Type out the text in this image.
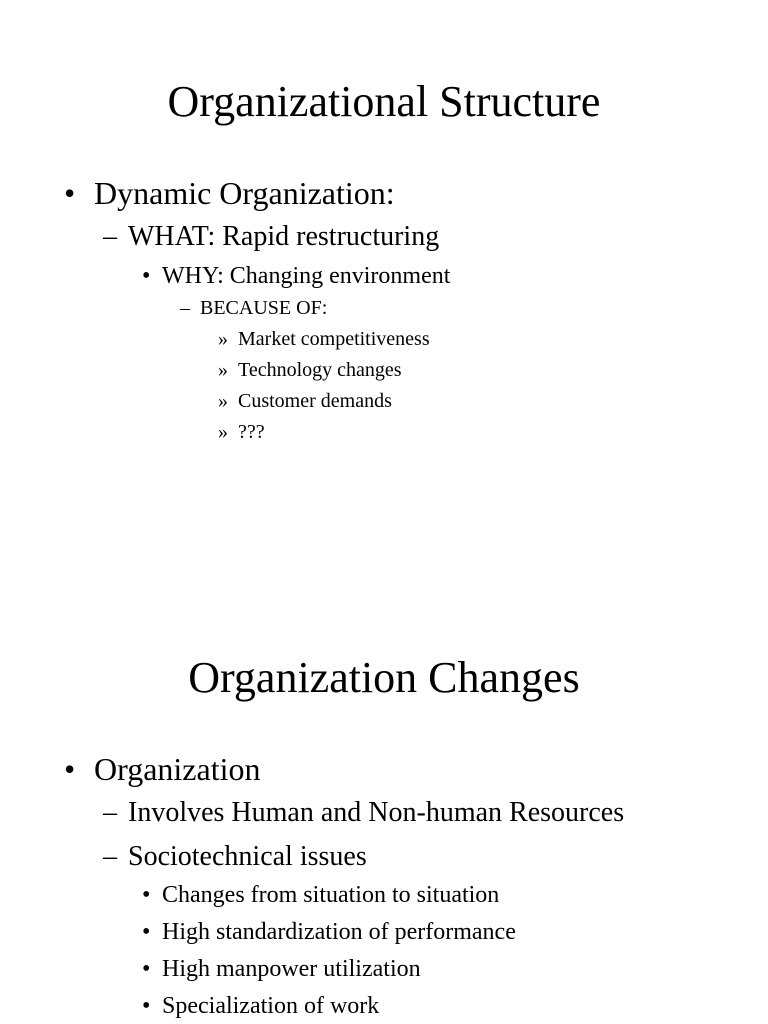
Organizational Structure
• Dynamic Organization:
– WHAT: Rapid restructuring
• WHY: Changing environment
– BECAUSE OF:
» Market competitiveness
» Technology changes
» Customer demands
» ???
Organization Changes
• Organization
– Involves Human and Non-human Resources
– Sociotechnical issues
• Changes from situation to situation
• High standardization of performance
• High manpower utilization
• Specialization of work
